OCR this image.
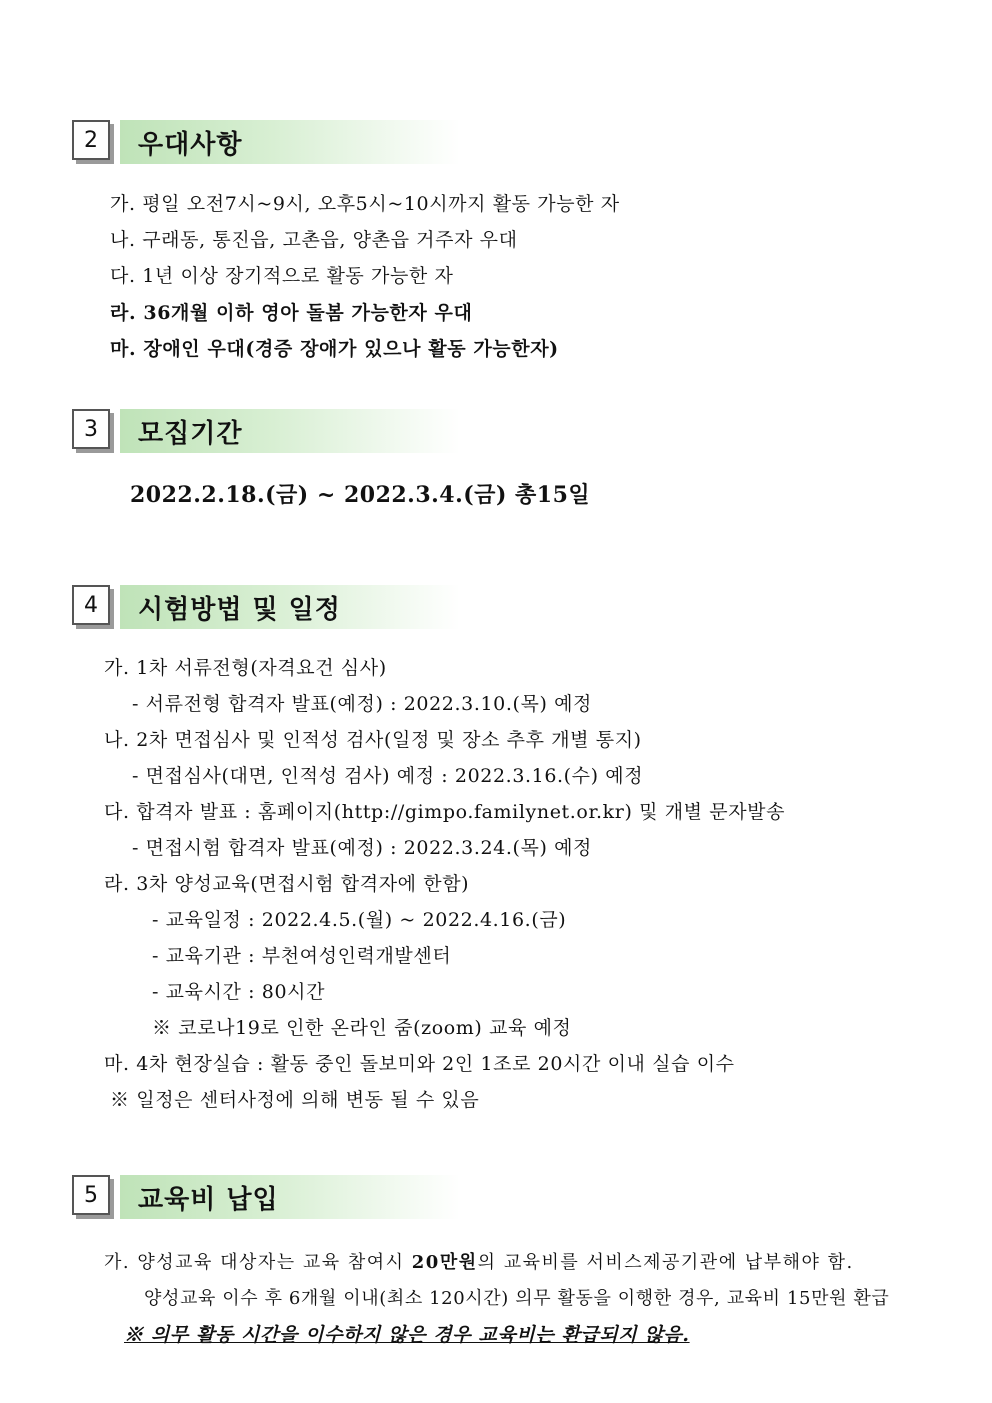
2	우대사항
가. 평일 오전7시~9시, 오후5시~10시까지 활동 가능한 자
나. 구래동, 통진읍, 고촌읍, 양촌읍 거주자 우대
다. 1년 이상 장기적으로 활동 가능한 자
라. 36개월 이하 영아 돌봄 가능한자 우대
마. 장애인 우대(경증 장애가 있으나 활동 가능한자)
3	모집기간
2022.2.18.(금) ~ 2022.3.4.(금) 총15일
4	시험방법 및 일정
가. 1차 서류전형(자격요건 심사)
- 서류전형 합격자 발표(예정) : 2022.3.10.(목) 예정
나. 2차 면접심사 및 인적성 검사(일정 및 장소 추후 개별 통지)
- 면접심사(대면, 인적성 검사) 예정 : 2022.3.16.(수) 예정
다. 합격자 발표 : 홈페이지(http://gimpo.familynet.or.kr) 및 개별 문자발송
- 면접시험 합격자 발표(예정) : 2022.3.24.(목) 예정
라. 3차 양성교육(면접시험 합격자에 한함)
- 교육일정 : 2022.4.5.(월) ~ 2022.4.16.(금)
- 교육기관 : 부천여성인력개발센터
- 교육시간 : 80시간
※ 코로나19로 인한 온라인 줌(zoom) 교육 예정
마. 4차 현장실습 : 활동 중인 돌보미와 2인 1조로 20시간 이내 실습 이수
※ 일정은 센터사정에 의해 변동 될 수 있음
5	교육비 납입
가. 양성교육 대상자는 교육 참여시 20만원의 교육비를 서비스제공기관에 납부해야 함.
양성교육 이수 후 6개월 이내(최소 120시간) 의무 활동을 이행한 경우, 교육비 15만원 환급
※ 의무 활동 시간을 이수하지 않은 경우 교육비는 환급되지 않음.
